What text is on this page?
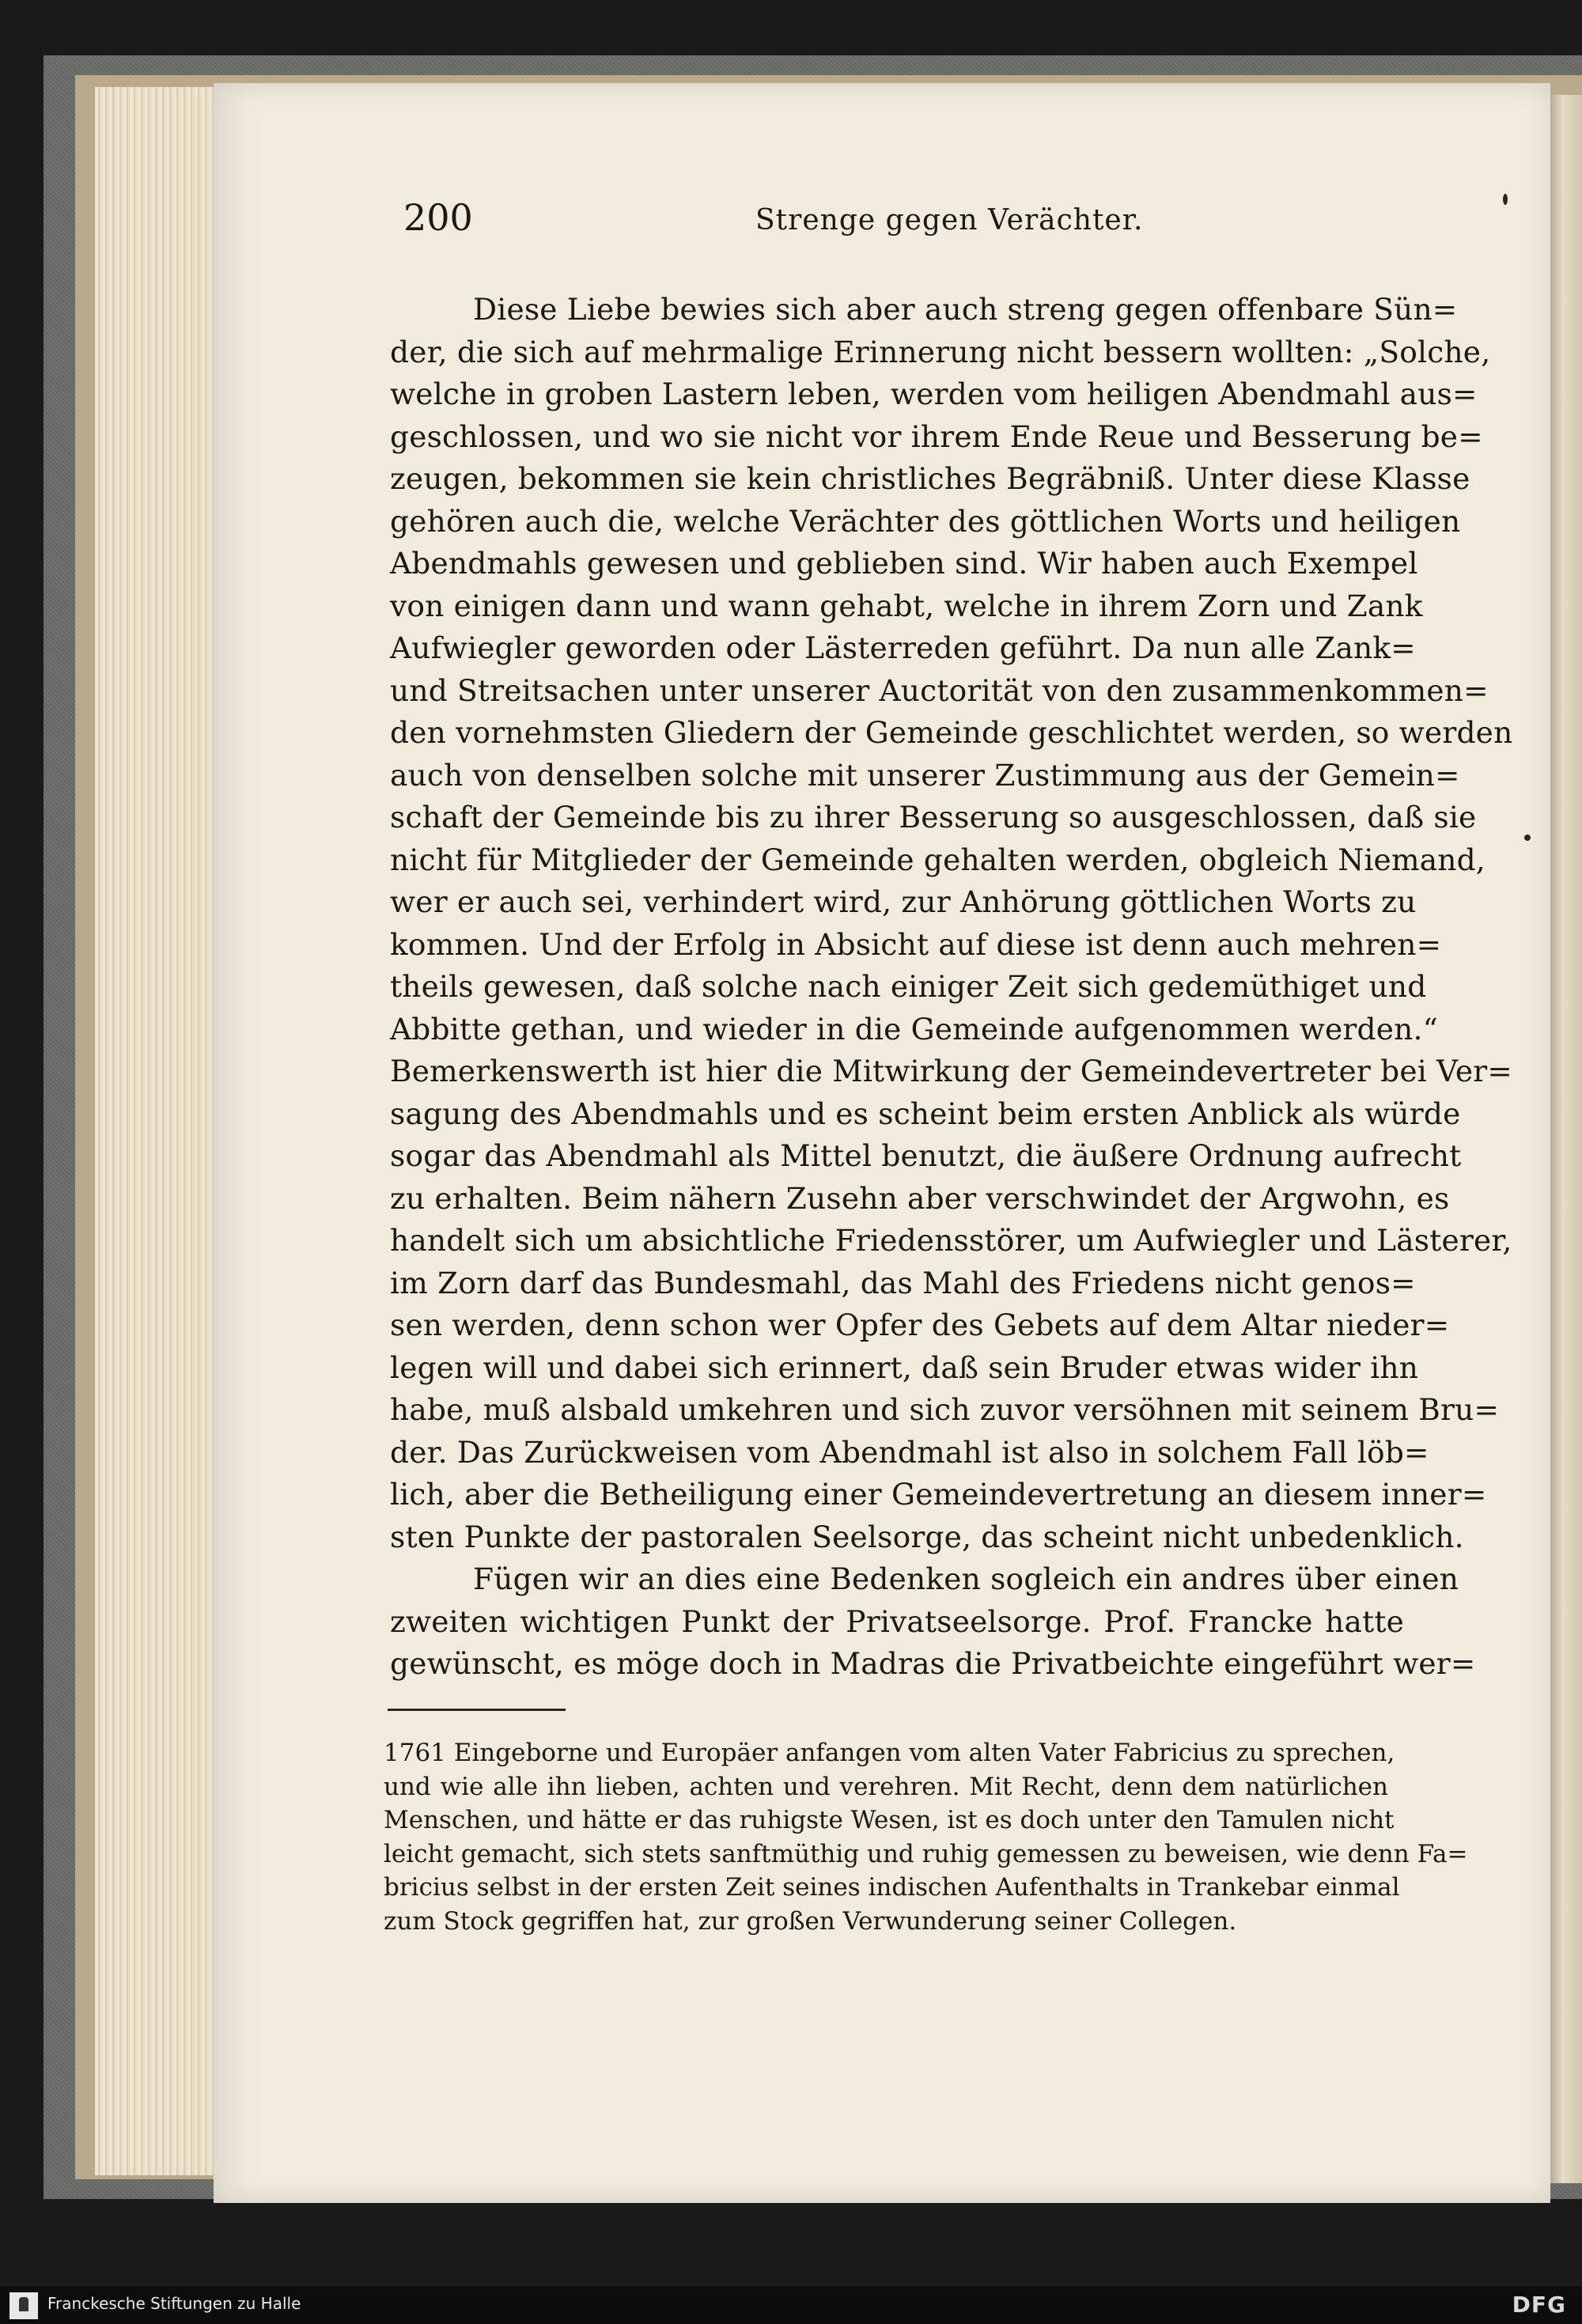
200	Strenge gegen Verächter.
Diese Liebe bewies sich aber auch streng gegen offenbare Sün=
der, die sich auf mehrmalige Erinnerung nicht bessern wollten: „Solche,
welche in groben Lastern leben, werden vom heiligen Abendmahl aus=
geschlossen, und wo sie nicht vor ihrem Ende Reue und Besserung be=
zeugen, bekommen sie kein christliches Begräbniß. Unter diese Klasse
gehören auch die, welche Verächter des göttlichen Worts und heiligen
Abendmahls gewesen und geblieben sind. Wir haben auch Exempel
von einigen dann und wann gehabt, welche in ihrem Zorn und Zank
Aufwiegler geworden oder Lästerreden geführt. Da nun alle Zank=
und Streitsachen unter unserer Auctorität von den zusammenkommen=
den vornehmsten Gliedern der Gemeinde geschlichtet werden, so werden
auch von denselben solche mit unserer Zustimmung aus der Gemein=
schaft der Gemeinde bis zu ihrer Besserung so ausgeschlossen, daß sie
nicht für Mitglieder der Gemeinde gehalten werden, obgleich Niemand,
wer er auch sei, verhindert wird, zur Anhörung göttlichen Worts zu
kommen. Und der Erfolg in Absicht auf diese ist denn auch mehren=
theils gewesen, daß solche nach einiger Zeit sich gedemüthiget und
Abbitte gethan, und wieder in die Gemeinde aufgenommen werden.“
Bemerkenswerth ist hier die Mitwirkung der Gemeindevertreter bei Ver=
sagung des Abendmahls und es scheint beim ersten Anblick als würde
sogar das Abendmahl als Mittel benutzt, die äußere Ordnung aufrecht
zu erhalten. Beim nähern Zusehn aber verschwindet der Argwohn, es
handelt sich um absichtliche Friedensstörer, um Aufwiegler und Lästerer,
im Zorn darf das Bundesmahl, das Mahl des Friedens nicht genos=
sen werden, denn schon wer Opfer des Gebets auf dem Altar nieder=
legen will und dabei sich erinnert, daß sein Bruder etwas wider ihn
habe, muß alsbald umkehren und sich zuvor versöhnen mit seinem Bru=
der. Das Zurückweisen vom Abendmahl ist also in solchem Fall löb=
lich, aber die Betheiligung einer Gemeindevertretung an diesem inner=
sten Punkte der pastoralen Seelsorge, das scheint nicht unbedenklich.
Fügen wir an dies eine Bedenken sogleich ein andres über einen
zweiten wichtigen Punkt der Privatseelsorge. Prof. Francke hatte
gewünscht, es möge doch in Madras die Privatbeichte eingeführt wer=
1761 Eingeborne und Europäer anfangen vom alten Vater Fabricius zu sprechen,
und wie alle ihn lieben, achten und verehren. Mit Recht, denn dem natürlichen
Menschen, und hätte er das ruhigste Wesen, ist es doch unter den Tamulen nicht
leicht gemacht, sich stets sanftmüthig und ruhig gemessen zu beweisen, wie denn Fa=
bricius selbst in der ersten Zeit seines indischen Aufenthalts in Trankebar einmal
zum Stock gegriffen hat, zur großen Verwunderung seiner Collegen.
Franckesche Stiftungen zu Halle	DFG
